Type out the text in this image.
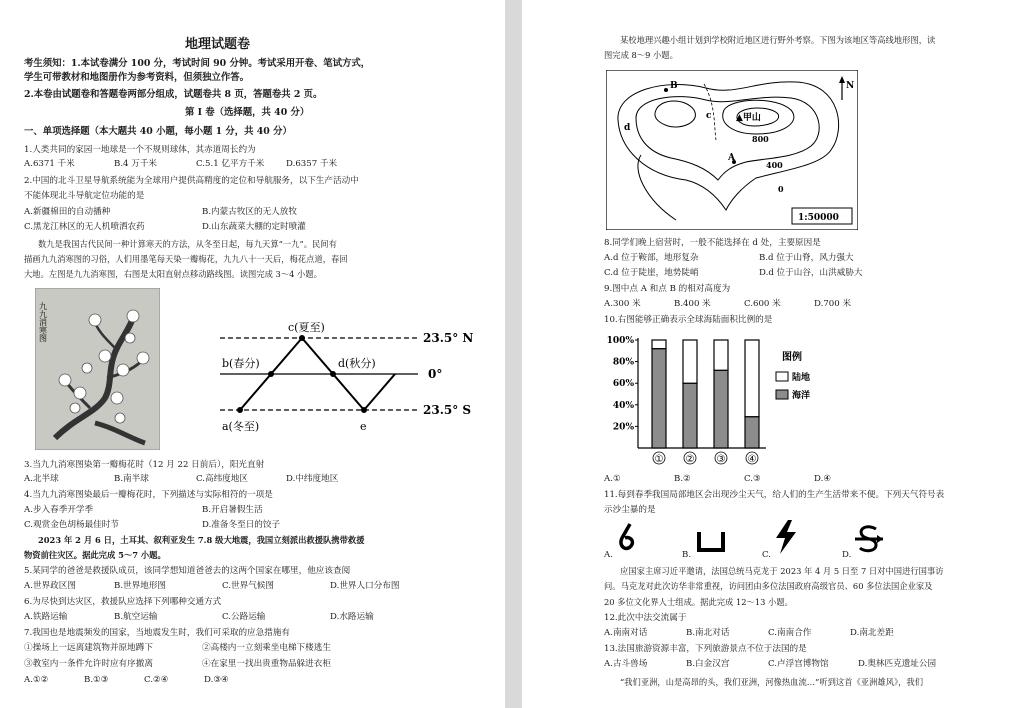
地理试题卷
考生须知：1.本试卷满分 100 分，考试时间 90 分钟。考试采用开卷、笔试方式，
学生可带教材和地图册作为参考资料，但须独立作答。
2.本卷由试题卷和答题卷两部分组成，试题卷共 8 页，答题卷共 2 页。
第 I 卷（选择题，共 40 分）
一、单项选择题（本大题共 40 小题，每小题 1 分，共 40 分）
1.人类共同的家园一地球是一个不规则球体，其赤道周长约为
A.6371 千米	B.4 万千米	C.5.1 亿平方千米	D.6357 千米
2.中国的北斗卫星导航系统能为全球用户提供高精度的定位和导航服务，以下生产活动中
不能体现北斗导航定位功能的是
A.新疆棉田的自动播种	B.内蒙古牧区的无人放牧
C.黑龙江林区的无人机喷洒农药	D.山东蔬菜大棚的定时喷灌
数九是我国古代民间一种计算寒天的方法，从冬至日起，每九天算“一九”。民间有
描画九九消寒图的习俗，人们用墨笔每天染一瓣梅花，九九八十一天后，梅花点道，春回
大地。左图是九九消寒图，右图是太阳直射点移动路线图。读图完成 3～4 小题。
九九消寒图	c(夏至)
b(春分)	d(秋分)
a(冬至)	e
23.5° N
0°
23.5° S
3.当九九消寒图染第一瓣梅花时（12 月 22 日前后），阳光直射
A.北半球	B.南半球	C.高纬度地区	D.中纬度地区
4.当九九消寒图染最后一瓣梅花时，下列描述与实际相符的一项是
A.步入春季开学季	B.开启暑假生活
C.观赏金色胡杨最佳时节	D.准备冬至日的饺子
2023 年 2 月 6 日，土耳其、叙利亚发生 7.8 级大地震，我国立刻派出救援队携带救援
物资前往灾区。据此完成 5～7 小题。
5.某同学的爸爸是救援队成员，该同学想知道爸爸去的这两个国家在哪里，他应该查阅
A.世界政区图	B.世界地形图	C.世界气候图	D.世界人口分布图
6.为尽快到达灾区，救援队应选择下列哪种交通方式
A.铁路运输	B.航空运输	C.公路运输	D.水路运输
7.我国也是地震频发的国家，当地震发生时，我们可采取的应急措施有
①操场上一远离建筑物并原地蹲下	②高楼内一立刻乘坐电梯下楼逃生
③教室内一条件允许时应有序撤离	④在家里一找出贵重物品躲进衣柜
A.①②	B.①③	C.②④	D.③④
某校地理兴趣小组计划到学校附近地区进行野外考察。下图为该地区等高线地形图，读
图完成 8～9 小题。
N
▲甲山
A
B
c
d
800
400
0
1:50000
8.同学们晚上宿营时，一般不能选择在 d 处，主要原因是
A.d 位于鞍部，地形复杂	B.d 位于山脊，风力强大
C.d 位于陡崖，地势陡峭	D.d 位于山谷，山洪威胁大
9.图中点 A 和点 B 的相对高度为
A.300 米	B.400 米	C.600 米	D.700 米
10.右图能够正确表示全球海陆面积比例的是
20%
40%
60%
80%
100%
① ② ③ ④
图例
陆地
海洋
A.①	B.②	C.③	D.④
11.每到春季我国局部地区会出现沙尘天气，给人们的生产生活带来不便。下列天气符号表
示沙尘暴的是
A.	B.	C.	D.
应国家主席习近平邀请，法国总统马克龙于 2023 年 4 月 5 日至 7 日对中国进行国事访
问。马克龙对此次访华非常重视，访问团由多位法国政府高级官员、60 多位法国企业家及
20 多位文化界人士组成。据此完成 12～13 小题。
12.此次中法交流属于
A.南南对话	B.南北对话	C.南南合作	D.南北差距
13.法国旅游资源丰富，下列旅游景点不位于法国的是
A.古斗兽场	B.白金汉宫	C.卢浮宫博物馆	D.奥林匹克遗址公园
“我们亚洲，山是高昂的头，我们亚洲，河像热血流…”听到这首《亚洲雄风》，我们
